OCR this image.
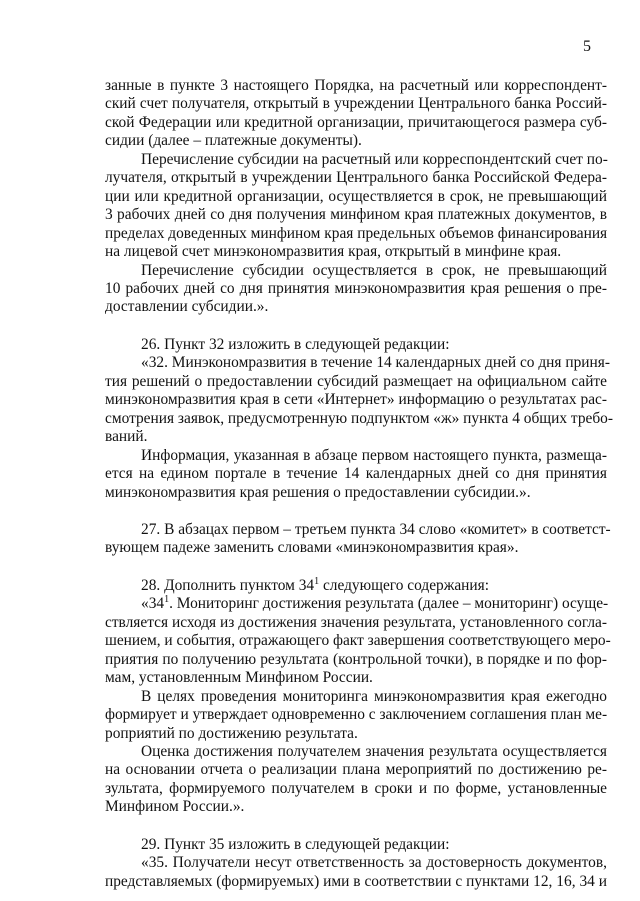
5

занные в пункте 3 настоящего Порядка, на расчетный или корреспондент-
ский счет получателя, открытый в учреждении Центрального банка Россий-
ской Федерации или кредитной организации, причитающегося размера суб-
сидии (далее – платежные документы).

Перечисление субсидии на расчетный или корреспондентский счет по-
лучателя, открытый в учреждении Центрального банка Российской Федера-
ции или кредитной организации, осуществляется в срок, не превышающий
3 рабочих дней со дня получения минфином края платежных документов, в
пределах доведенных минфином края предельных объемов финансирования
на лицевой счет минэкономразвития края, открытый в минфине края.

Перечисление субсидии осуществляется в срок, не превышающий
10 рабочих дней со дня принятия минэкономразвития края решения о пре-
доставлении субсидии.».

26. Пункт 32 изложить в следующей редакции:

«32. Минэкономразвития в течение 14 календарных дней со дня приня-
тия решений о предоставлении субсидий размещает на официальном сайте
минэкономразвития края в сети «Интернет» информацию о результатах рас-
смотрения заявок, предусмотренную подпунктом «ж» пункта 4 общих требо-
ваний.

Информация, указанная в абзаце первом настоящего пункта, размеща-
ется на едином портале в течение 14 календарных дней со дня принятия
минэкономразвития края решения о предоставлении субсидии.».

27. В абзацах первом – третьем пункта 34 слово «комитет» в соответст-
вующем падеже заменить словами «минэкономразвития края».

28. Дополнить пунктом $34^1$ следующего содержания:

«$34^1$. Мониторинг достижения результата (далее – мониторинг) осуще-
ствляется исходя из достижения значения результата, установленного согла-
шением, и события, отражающего факт завершения соответствующего меро-
приятия по получению результата (контрольной точки), в порядке и по фор-
мам, установленным Минфином России.

В целях проведения мониторинга минэкономразвития края ежегодно
формирует и утверждает одновременно с заключением соглашения план ме-
роприятий по достижению результата.

Оценка достижения получателем значения результата осуществляется
на основании отчета о реализации плана мероприятий по достижению ре-
зультата, формируемого получателем в сроки и по форме, установленные
Минфином России.».

29. Пункт 35 изложить в следующей редакции:

«35. Получатели несут ответственность за достоверность документов,
представляемых (формируемых) ими в соответствии с пунктами 12, 16, 34 и
